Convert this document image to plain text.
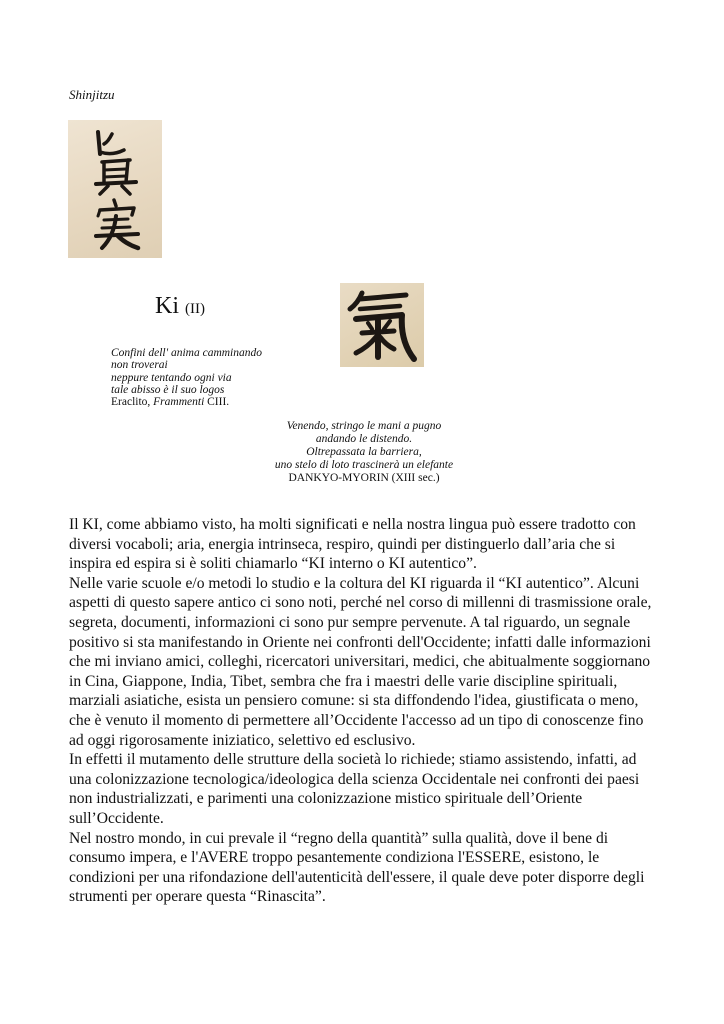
Shinjitzu
Ki (II)
Confini dell' anima camminando
non troverai
neppure tentando ogni via
tale abisso è il suo logos
Eraclito, Frammenti CIII.
Venendo, stringo le mani a pugno
andando le distendo.
Oltrepassata la barriera,
uno stelo di loto trascinerà un elefante
DANKYO-MYORIN (XIII sec.)

Il KI, come abbiamo visto, ha molti significati e nella nostra lingua può essere tradotto con diversi vocaboli; aria, energia intrinseca, respiro, quindi per distinguerlo dall’aria che si inspira ed espira si è soliti chiamarlo “KI interno o KI autentico”.

Nelle varie scuole e/o metodi lo studio e la coltura del KI riguarda il “KI autentico”. Alcuni aspetti di questo sapere antico ci sono noti, perché nel corso di millenni di trasmissione orale, segreta, documenti, informazioni ci sono pur sempre pervenute. A tal riguardo, un segnale positivo si sta manifestando in Oriente nei confronti dell'Occidente; infatti dalle informazioni che mi inviano amici, colleghi, ricercatori universitari, medici, che abitualmente soggiornano in Cina, Giappone, India, Tibet, sembra che fra i maestri delle varie discipline spirituali, marziali asiatiche, esista un pensiero comune: si sta diffondendo l'idea, giustificata o meno, che è venuto il momento di permettere all’Occidente l'accesso ad un tipo di conoscenze fino ad oggi rigorosamente iniziatico, selettivo ed esclusivo.

In effetti il mutamento delle strutture della società lo richiede; stiamo assistendo, infatti, ad una colonizzazione tecnologica/ideologica della scienza Occidentale nei confronti dei paesi non industrializzati, e parimenti una colonizzazione mistico spirituale dell’Oriente sull’Occidente.

Nel nostro mondo, in cui prevale il “regno della quantità” sulla qualità, dove il bene di consumo impera, e l'AVERE troppo pesantemente condiziona l'ESSERE, esistono, le condizioni per una rifondazione dell'autenticità dell'essere, il quale deve poter disporre degli strumenti per operare questa “Rinascita”.
